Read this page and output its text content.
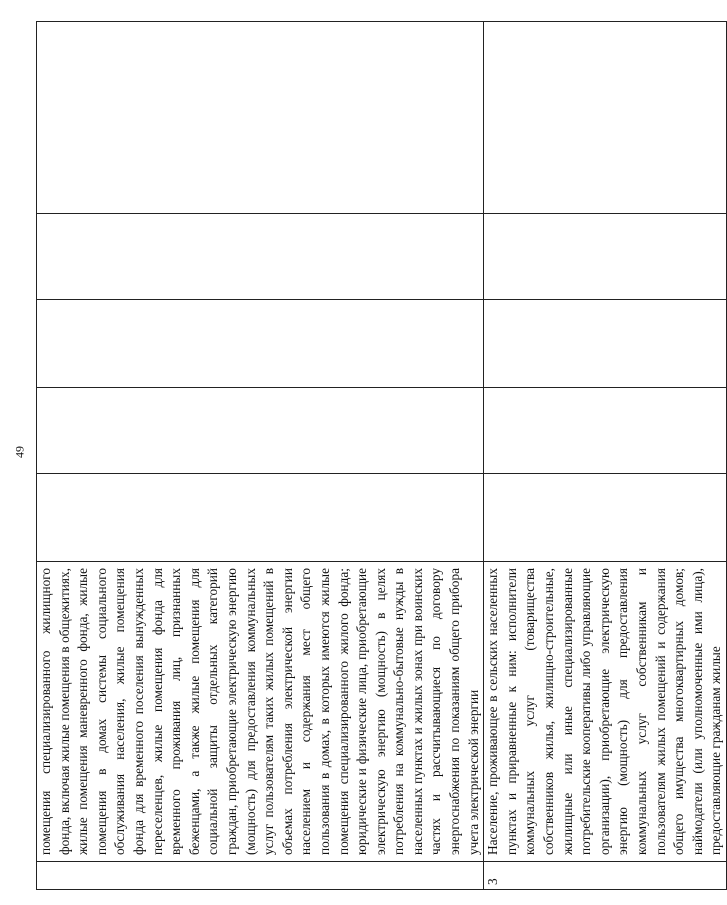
49

	помещения специализированного жилищного фонда, включая жилые помещения в общежитиях, жилые помещения маневренного фонда, жилые помещения в домах системы социального обслуживания населения, жилые помещения фонда для временного поселения вынужденных переселенцев, жилые помещения фонда для временного проживания лиц, признанных беженцами, а также жилые помещения для социальной защиты отдельных категорий граждан, приобретающие электрическую энергию (мощность) для предоставления коммунальных услуг пользователям таких жилых помещений в объемах потребления электрической энергии населением и содержания мест общего пользования в домах, в которых имеются жилые помещения специализированного жилого фонда; юридические и физические лица, приобретающие электрическую энергию (мощность) в целях потребления на коммунально-бытовые нужды в населенных пунктах и жилых зонах при воинских частях и рассчитывающиеся по договору энергоснабжения по показаниям общего прибора учета электрической энергии					

3	Население, проживающее в сельских населенных пунктах и приравненные к ним: исполнители коммунальных услуг (товарищества собственников жилья, жилищно-строительные, жилищные или иные специализированные потребительские кооперативы либо управляющие организации), приобретающие электрическую энергию (мощность) для предоставления коммунальных услуг собственникам и пользователям жилых помещений и содержания общего имущества многоквартирных домов; наймодатели (или уполномоченные ими лица), предоставляющие гражданам жилые					
